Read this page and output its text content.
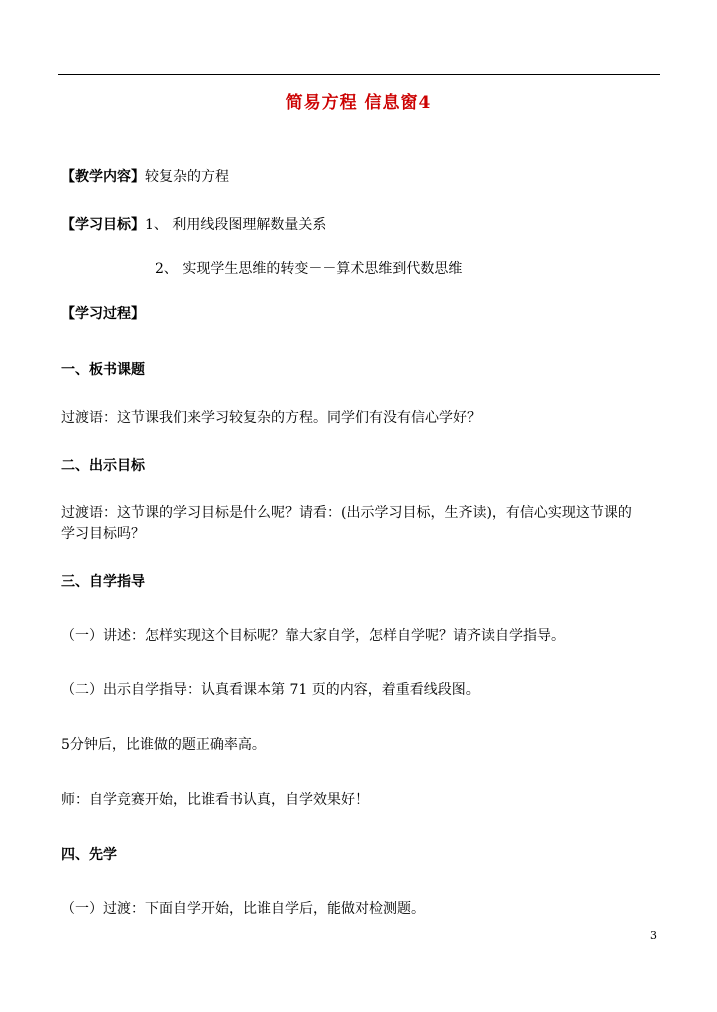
简易方程 信息窗4
【教学内容】较复杂的方程
【学习目标】1、 利用线段图理解数量关系
2、 实现学生思维的转变－－算术思维到代数思维
【学习过程】
一、板书课题
过渡语：这节课我们来学习较复杂的方程。同学们有没有信心学好？
二、出示目标
过渡语：这节课的学习目标是什么呢？请看：(出示学习目标，生齐读)，有信心实现这节课的
学习目标吗？
三、自学指导
（一）讲述：怎样实现这个目标呢？靠大家自学，怎样自学呢？请齐读自学指导。
（二）出示自学指导：认真看课本第 71 页的内容，着重看线段图。
5分钟后，比谁做的题正确率高。
师：自学竞赛开始，比谁看书认真，自学效果好！
四、先学
（一）过渡：下面自学开始，比谁自学后，能做对检测题。
3
